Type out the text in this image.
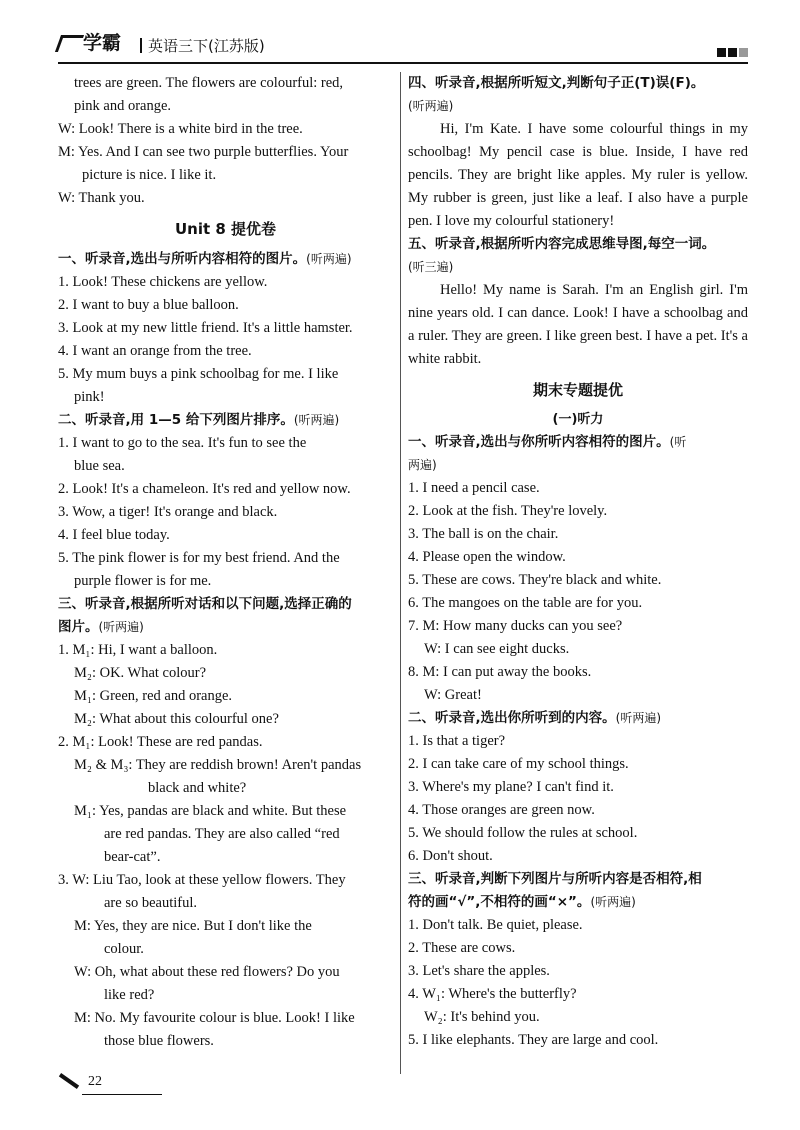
学霸	英语三下(江苏版)

trees are green. The flowers are colourful: red,

pink and orange.

W: Look! There is a white bird in the tree.

M: Yes. And I can see two purple butterflies. Your

picture is nice. I like it.

W: Thank you.

Unit 8 提优卷

一、听录音,选出与所听内容相符的图片。(听两遍)

1. Look! These chickens are yellow.

2. I want to buy a blue balloon.

3. Look at my new little friend. It's a little hamster.

4. I want an orange from the tree.

5. My mum buys a pink schoolbag for me. I like

pink!

二、听录音,用 1—5 给下列图片排序。(听两遍)

1. I want to go to the sea. It's fun to see the

blue sea.

2. Look! It's a chameleon. It's red and yellow now.

3. Wow, a tiger! It's orange and black.

4. I feel blue today.

5. The pink flower is for my best friend. And the

purple flower is for me.

三、听录音,根据所听对话和以下问题,选择正确的

图片。(听两遍)

1. M₁: Hi, I want a balloon.

M₂: OK. What colour?

M₁: Green, red and orange.

M₂: What about this colourful one?

2. M₁: Look! These are red pandas.

M₂ & M₃: They are reddish brown! Aren't pandas

black and white?

M₁: Yes, pandas are black and white. But these

are red pandas. They are also called “red

bear-cat”.

3. W: Liu Tao, look at these yellow flowers. They

are so beautiful.

M: Yes, they are nice. But I don't like the

colour.

W: Oh, what about these red flowers? Do you

like red?

M: No. My favourite colour is blue. Look! I like

those blue flowers.

四、听录音,根据所听短文,判断句子正(T)误(F)。

(听两遍)

Hi, I'm Kate. I have some colourful things in my schoolbag! My pencil case is blue. Inside, I have red pencils. They are bright like apples. My ruler is yellow. My rubber is green, just like a leaf. I also have a purple pen. I love my colourful stationery!

五、听录音,根据所听内容完成思维导图,每空一词。

(听三遍)

Hello! My name is Sarah. I'm an English girl. I'm nine years old. I can dance. Look! I have a schoolbag and a ruler. They are green. I like green best. I have a pet. It's a white rabbit.

期末专题提优

(一)听力

一、听录音,选出与你所听内容相符的图片。(听

两遍)

1. I need a pencil case.

2. Look at the fish. They're lovely.

3. The ball is on the chair.

4. Please open the window.

5. These are cows. They're black and white.

6. The mangoes on the table are for you.

7. M: How many ducks can you see?

W: I can see eight ducks.

8. M: I can put away the books.

W: Great!

二、听录音,选出你所听到的内容。(听两遍)

1. Is that a tiger?

2. I can take care of my school things.

3. Where's my plane? I can't find it.

4. Those oranges are green now.

5. We should follow the rules at school.

6. Don't shout.

三、听录音,判断下列图片与所听内容是否相符,相

符的画“√”,不相符的画“×”。(听两遍)

1. Don't talk. Be quiet, please.

2. These are cows.

3. Let's share the apples.

4. W₁: Where's the butterfly?

W₂: It's behind you.

5. I like elephants. They are large and cool.

22
